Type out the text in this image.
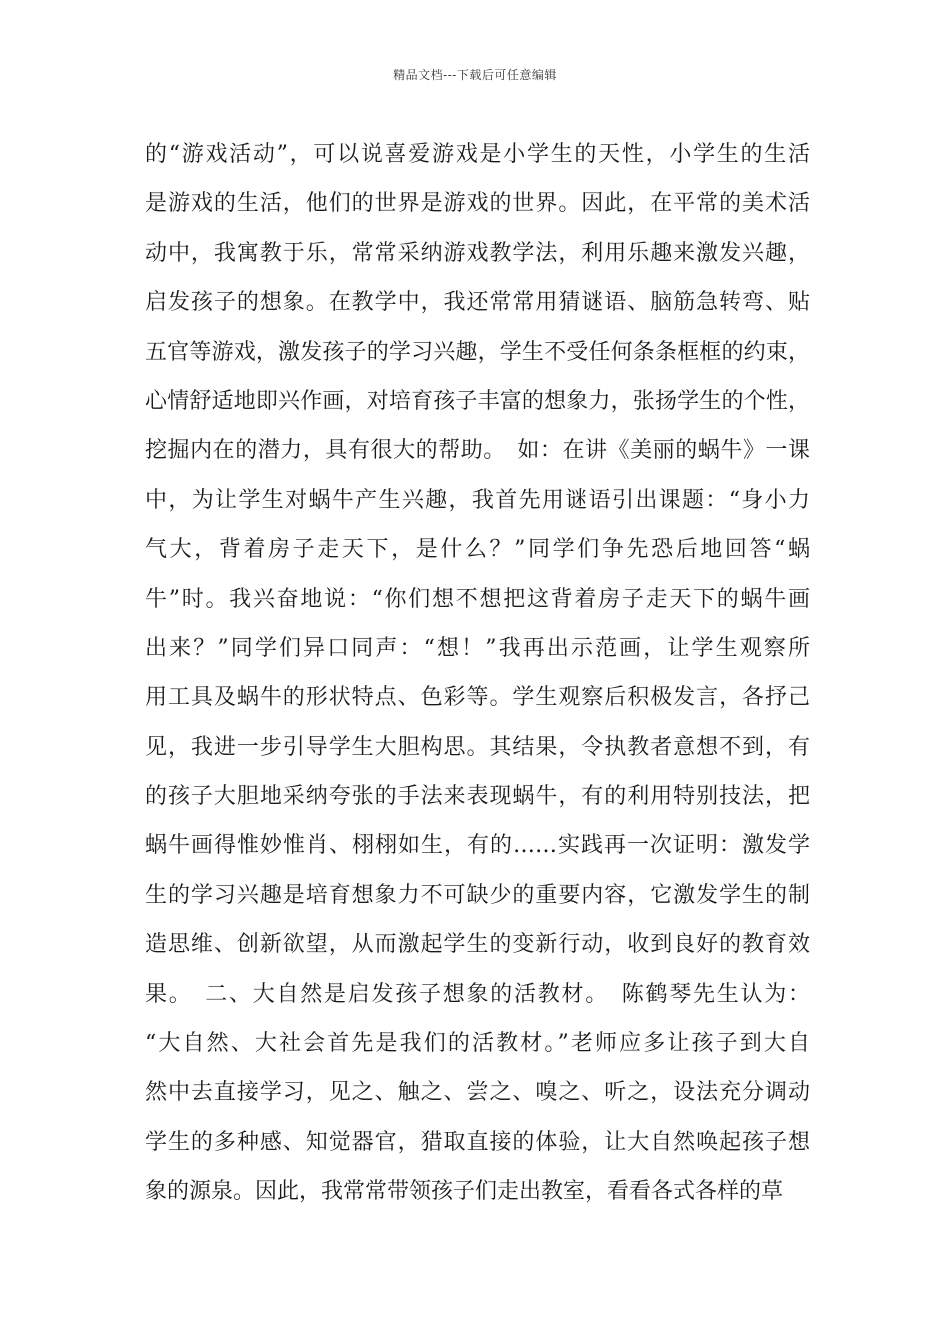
精品文档---下载后可任意编辑
的“游戏活动”，可以说喜爱游戏是小学生的天性，小学生的生活
是游戏的生活，他们的世界是游戏的世界。因此，在平常的美术活
动中，我寓教于乐，常常采纳游戏教学法，利用乐趣来激发兴趣，
启发孩子的想象。在教学中，我还常常用猜谜语、脑筋急转弯、贴
五官等游戏，激发孩子的学习兴趣，学生不受任何条条框框的约束，
心情舒适地即兴作画，对培育孩子丰富的想象力，张扬学生的个性，
挖掘内在的潜力，具有很大的帮助。　如：在讲《美丽的蜗牛》一课
中，为让学生对蜗牛产生兴趣，我首先用谜语引出课题：“身小力
气大，背着房子走天下，是什么？”同学们争先恐后地回答“蜗
牛”时。我兴奋地说：“你们想不想把这背着房子走天下的蜗牛画
出来？”同学们异口同声：“想！”我再出示范画，让学生观察所
用工具及蜗牛的形状特点、色彩等。学生观察后积极发言，各抒己
见，我进一步引导学生大胆构思。其结果，令执教者意想不到，有
的孩子大胆地采纳夸张的手法来表现蜗牛，有的利用特别技法，把
蜗牛画得惟妙惟肖、栩栩如生，有的……实践再一次证明：激发学
生的学习兴趣是培育想象力不可缺少的重要内容，它激发学生的制
造思维、创新欲望，从而激起学生的变新行动，收到良好的教育效
果。　二、大自然是启发孩子想象的活教材。　陈鹤琴先生认为：
“大自然、大社会首先是我们的活教材。”老师应多让孩子到大自
然中去直接学习，见之、触之、尝之、嗅之、听之，设法充分调动
学生的多种感、知觉器官，猎取直接的体验，让大自然唤起孩子想
象的源泉。因此，我常常带领孩子们走出教室，看看各式各样的草
